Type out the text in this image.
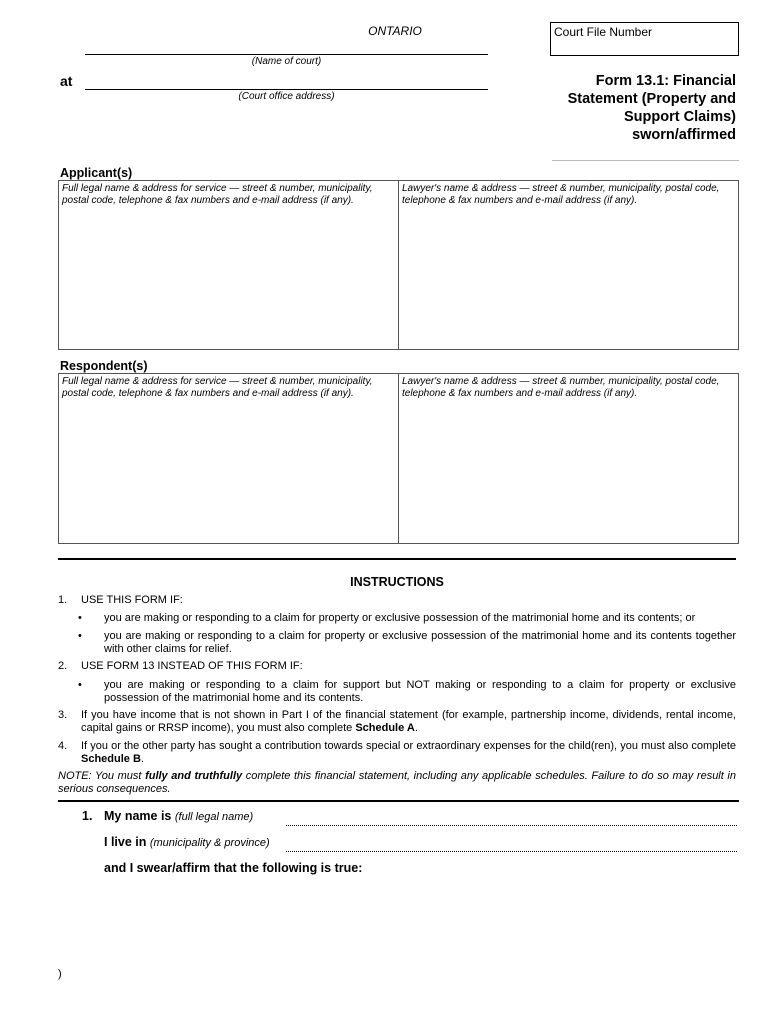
ONTARIO
(Name of court)
at
(Court office address)
Court File Number
Form 13.1: Financial
Statement (Property and
Support Claims)
sworn/affirmed
Applicant(s)
Full legal name & address for service — street & number, municipality, postal code, telephone & fax numbers and e-mail address (if any).
Lawyer's name & address — street & number, municipality, postal code, telephone & fax numbers and e-mail address (if any).
Respondent(s)
Full legal name & address for service — street & number, municipality, postal code, telephone & fax numbers and e-mail address (if any).
Lawyer's name & address — street & number, municipality, postal code, telephone & fax numbers and e-mail address (if any).
INSTRUCTIONS
1. USE THIS FORM IF:
• you are making or responding to a claim for property or exclusive possession of the matrimonial home and its contents; or
• you are making or responding to a claim for property or exclusive possession of the matrimonial home and its contents together with other claims for relief.
2. USE FORM 13 INSTEAD OF THIS FORM IF:
• you are making or responding to a claim for support but NOT making or responding to a claim for property or exclusive possession of the matrimonial home and its contents.
3. If you have income that is not shown in Part I of the financial statement (for example, partnership income, dividends, rental income, capital gains or RRSP income), you must also complete Schedule A.
4. If you or the other party has sought a contribution towards special or extraordinary expenses for the child(ren), you must also complete Schedule B.
NOTE: You must fully and truthfully complete this financial statement, including any applicable schedules. Failure to do so may result in serious consequences.
1. My name is (full legal name)
I live in (municipality & province)
and I swear/affirm that the following is true:
)
